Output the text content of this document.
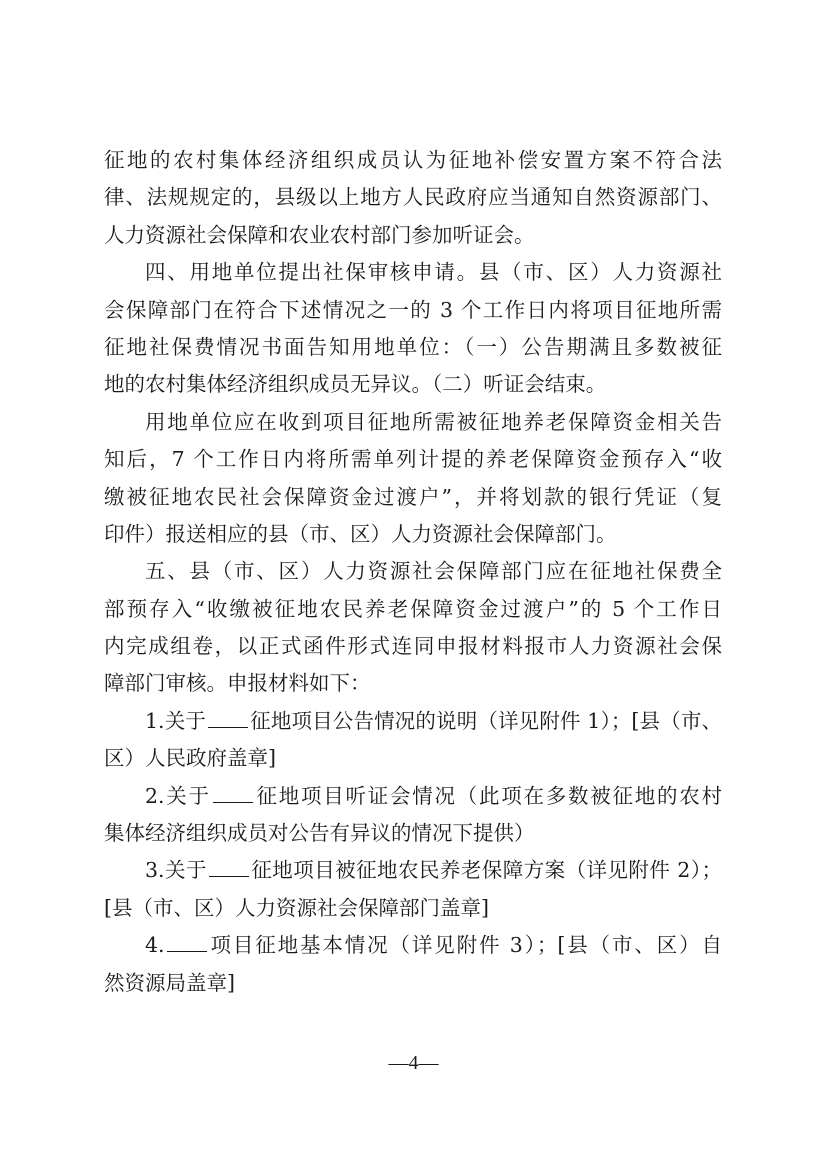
征地的农村集体经济组织成员认为征地补偿安置方案不符合法
律、法规规定的，县级以上地方人民政府应当通知自然资源部门、
人力资源社会保障和农业农村部门参加听证会。
四、用地单位提出社保审核申请。县（市、区）人力资源社
会保障部门在符合下述情况之一的 3 个工作日内将项目征地所需
征地社保费情况书面告知用地单位：（一）公告期满且多数被征
地的农村集体经济组织成员无异议。（二）听证会结束。
用地单位应在收到项目征地所需被征地养老保障资金相关告
知后，7 个工作日内将所需单列计提的养老保障资金预存入“收
缴被征地农民社会保障资金过渡户”，并将划款的银行凭证（复
印件）报送相应的县（市、区）人力资源社会保障部门。
五、县（市、区）人力资源社会保障部门应在征地社保费全
部预存入“收缴被征地农民养老保障资金过渡户”的 5 个工作日
内完成组卷，以正式函件形式连同申报材料报市人力资源社会保
障部门审核。申报材料如下：
1.关于 征地项目公告情况的说明（详见附件 1）；[县（市、
区）人民政府盖章]
2.关于 征地项目听证会情况（此项在多数被征地的农村
集体经济组织成员对公告有异议的情况下提供）
3.关于 征地项目被征地农民养老保障方案（详见附件 2）；
[县（市、区）人力资源社会保障部门盖章]
4. 项目征地基本情况（详见附件 3）；[县（市、区）自
然资源局盖章]
—4—
